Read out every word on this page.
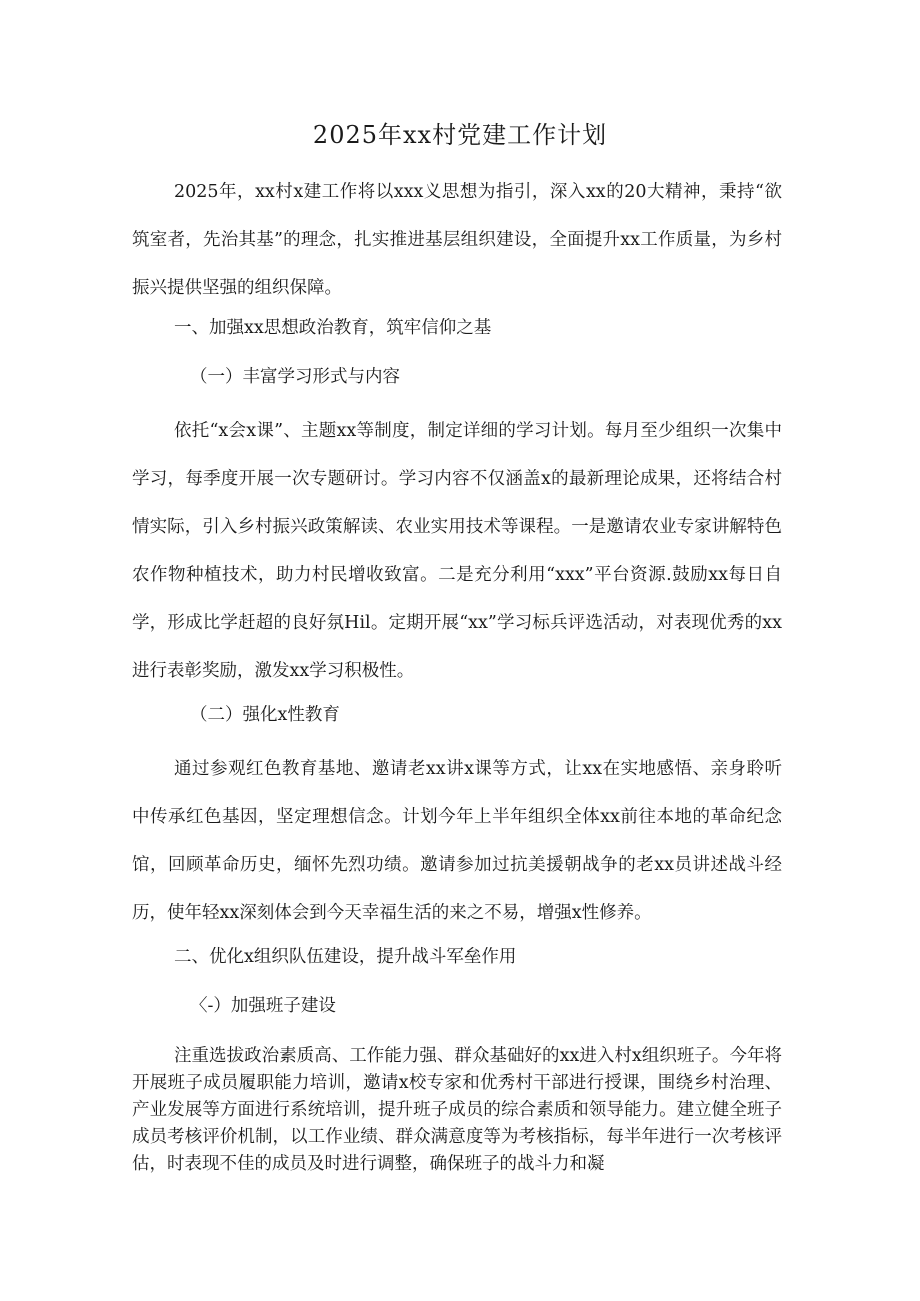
2025年xx村党建工作计划

2025年，xx村x建工作将以xxx义思想为指引，深入xx的20大精神，秉持“欲筑室者，先治其基”的理念，扎实推进基层组织建设，全面提升xx工作质量，为乡村振兴提供坚强的组织保障。

一、加强xx思想政治教育，筑牢信仰之基

（一）丰富学习形式与内容

依托“x会x课”、主题xx等制度，制定详细的学习计划。每月至少组织一次集中学习，每季度开展一次专题研讨。学习内容不仅涵盖x的最新理论成果，还将结合村情实际，引入乡村振兴政策解读、农业实用技术等课程。一是邀请农业专家讲解特色农作物种植技术，助力村民增收致富。二是充分利用“xxx”平台资源.鼓励xx每日自学，形成比学赶超的良好氛Hil。定期开展“xx”学习标兵评选活动，对表现优秀的xx进行表彰奖励，激发xx学习积极性。

（二）强化x性教育

通过参观红色教育基地、邀请老xx讲x课等方式，让xx在实地感悟、亲身聆听中传承红色基因，坚定理想信念。计划今年上半年组织全体xx前往本地的革命纪念馆，回顾革命历史，缅怀先烈功绩。邀请参加过抗美援朝战争的老xx员讲述战斗经历，使年轻xx深刻体会到今天幸福生活的来之不易，增强x性修养。

二、优化x组织队伍建设，提升战斗军垒作用

〈-）加强班子建设

注重选拔政治素质高、工作能力强、群众基础好的xx进入村x组织班子。今年将开展班子成员履职能力培训，邀请x校专家和优秀村干部进行授课，围绕乡村治理、产业发展等方面进行系统培训，提升班子成员的综合素质和领导能力。建立健全班子成员考核评价机制，以工作业绩、群众满意度等为考核指标，每半年进行一次考核评估，时表现不佳的成员及时进行调整，确保班子的战斗力和凝
